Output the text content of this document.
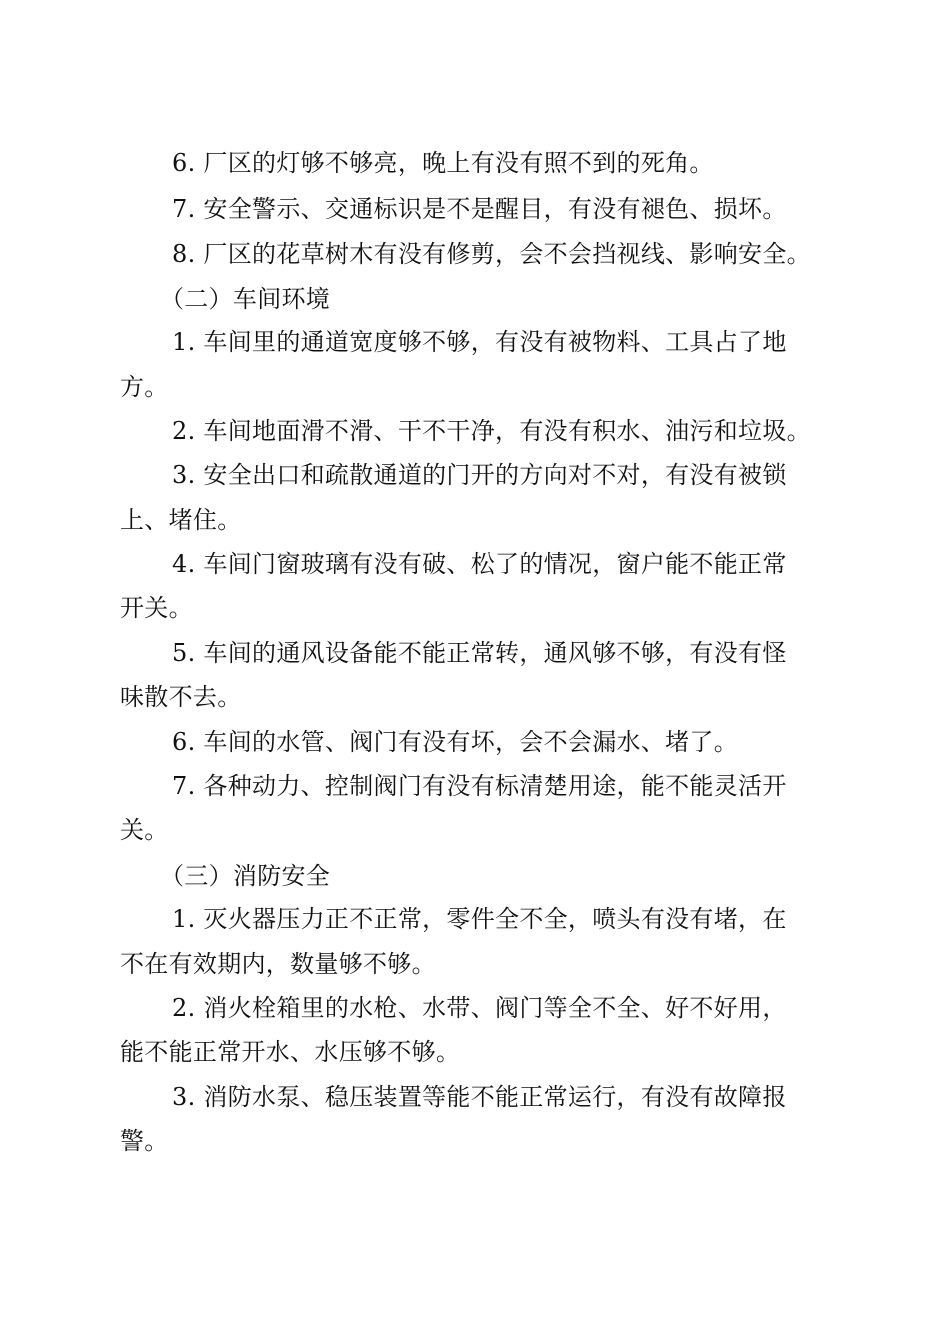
6. 厂区的灯够不够亮，晚上有没有照不到的死角。
7. 安全警示、交通标识是不是醒目，有没有褪色、损坏。
8. 厂区的花草树木有没有修剪，会不会挡视线、影响安全。
（二）车间环境
1. 车间里的通道宽度够不够，有没有被物料、工具占了地
方。
2. 车间地面滑不滑、干不干净，有没有积水、油污和垃圾。
3. 安全出口和疏散通道的门开的方向对不对，有没有被锁
上、堵住。
4. 车间门窗玻璃有没有破、松了的情况，窗户能不能正常
开关。
5. 车间的通风设备能不能正常转，通风够不够，有没有怪
味散不去。
6. 车间的水管、阀门有没有坏，会不会漏水、堵了。
7. 各种动力、控制阀门有没有标清楚用途，能不能灵活开
关。
（三）消防安全
1. 灭火器压力正不正常，零件全不全，喷头有没有堵，在
不在有效期内，数量够不够。
2. 消火栓箱里的水枪、水带、阀门等全不全、好不好用，
能不能正常开水、水压够不够。
3. 消防水泵、稳压装置等能不能正常运行，有没有故障报
警。
